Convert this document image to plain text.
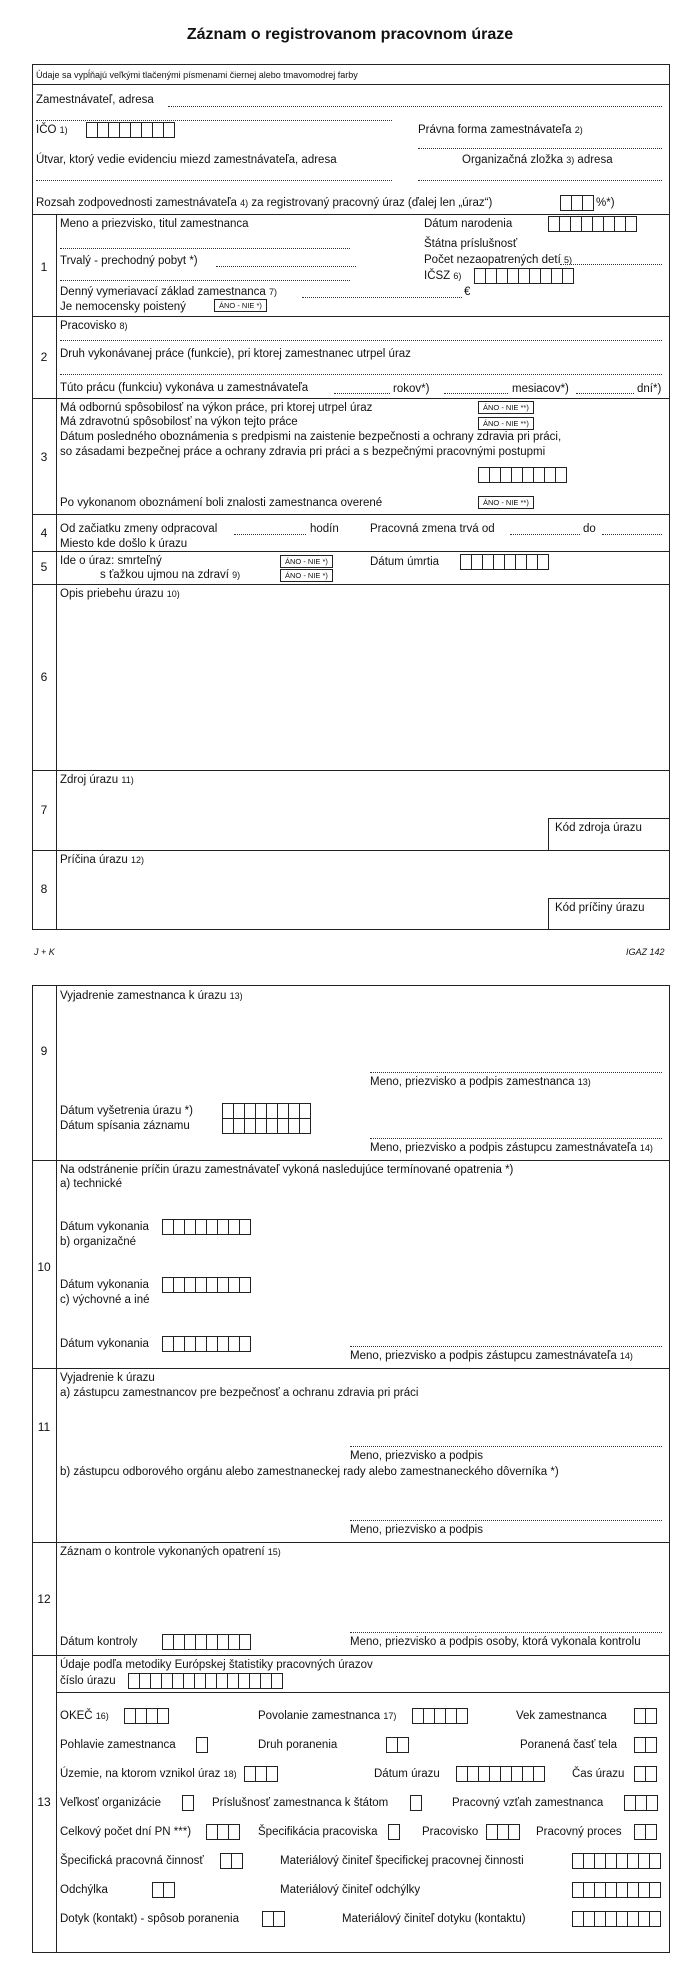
Záznam o registrovanom pracovnom úraze
Údaje sa vypĺňajú veľkými tlačenými písmenami čiernej alebo tmavomodrej farby
Zamestnávateľ, adresa
IČO 1)	Právna forma zamestnávateľa 2)
Útvar, ktorý vedie evidenciu miezd zamestnávateľa, adresa	Organizačná zložka 3) adresa
Rozsah zodpovednosti zamestnávateľa 4) za registrovaný pracovný úraz (ďalej len „úraz“)	%*)
1
Meno a priezvisko, titul zamestnanca	Dátum narodenia
Štátna príslušnosť
Trvalý - prechodný pobyt *)	Počet nezaopatrených detí 5)
IČSZ 6)
Denný vymeriavací základ zamestnanca 7)	€
Je nemocensky poistený	ÁNO - NIE *)
2
Pracovisko 8)
Druh vykonávanej práce (funkcie), pri ktorej zamestnanec utrpel úraz
Túto prácu (funkciu) vykonáva u zamestnávateľa	rokov*)	mesiacov*)	dní*)
3
Má odbornú spôsobilosť na výkon práce, pri ktorej utrpel úraz	ÁNO - NIE **)
Má zdravotnú spôsobilosť na výkon tejto práce	ÁNO - NIE **)
Dátum posledného oboznámenia s predpismi na zaistenie bezpečnosti a ochrany zdravia pri práci,
so zásadami bezpečnej práce a ochrany zdravia pri práci a s bezpečnými pracovnými postupmi
Po vykonanom oboznámení boli znalosti zamestnanca overené	ÁNO - NIE **)
4	Od začiatku zmeny odpracoval	hodín	Pracovná zmena trvá od	do
Miesto kde došlo k úrazu
5	Ide o úraz: smrteľný	ÁNO - NIE *)
s ťažkou ujmou na zdraví 9)	ÁNO - NIE *)
Dátum úmrtia
6
Opis priebehu úrazu 10)
7
Zdroj úrazu 11)
Kód zdroja úrazu
8
Príčina úrazu 12)
Kód príčiny úrazu
J + K	IGAZ 142
9
Vyjadrenie zamestnanca k úrazu 13)
Meno, priezvisko a podpis zamestnanca 13)
Dátum vyšetrenia úrazu *)
Dátum spísania záznamu
Meno, priezvisko a podpis zástupcu zamestnávateľa 14)
10
Na odstránenie príčin úrazu zamestnávateľ vykoná nasledujúce termínované opatrenia *)
a) technické
Dátum vykonania
b) organizačné
Dátum vykonania
c) výchovné a iné
Dátum vykonania
Meno, priezvisko a podpis zástupcu zamestnávateľa 14)
11
Vyjadrenie k úrazu
a) zástupcu zamestnancov pre bezpečnosť a ochranu zdravia pri práci
Meno, priezvisko a podpis
b) zástupcu odborového orgánu alebo zamestnaneckej rady alebo zamestnaneckého dôverníka *)
Meno, priezvisko a podpis
12
Záznam o kontrole vykonaných opatrení 15)
Dátum kontroly	Meno, priezvisko a podpis osoby, ktorá vykonala kontrolu
13
Údaje podľa metodiky Európskej štatistiky pracovných úrazov
číslo úrazu
OKEČ 16)	Povolanie zamestnanca 17)	Vek zamestnanca
Pohlavie zamestnanca	Druh poranenia	Poranená časť tela
Územie, na ktorom vznikol úraz 18)	Dátum úrazu	Čas úrazu
Veľkosť organizácie	Príslušnosť zamestnanca k štátom	Pracovný vzťah zamestnanca
Celkový počet dní PN ***)	Špecifikácia pracoviska	Pracovisko	Pracovný proces
Špecifická pracovná činnosť	Materiálový činiteľ špecifickej pracovnej činnosti
Odchýlka	Materiálový činiteľ odchýlky
Dotyk (kontakt) - spôsob poranenia	Materiálový činiteľ dotyku (kontaktu)
